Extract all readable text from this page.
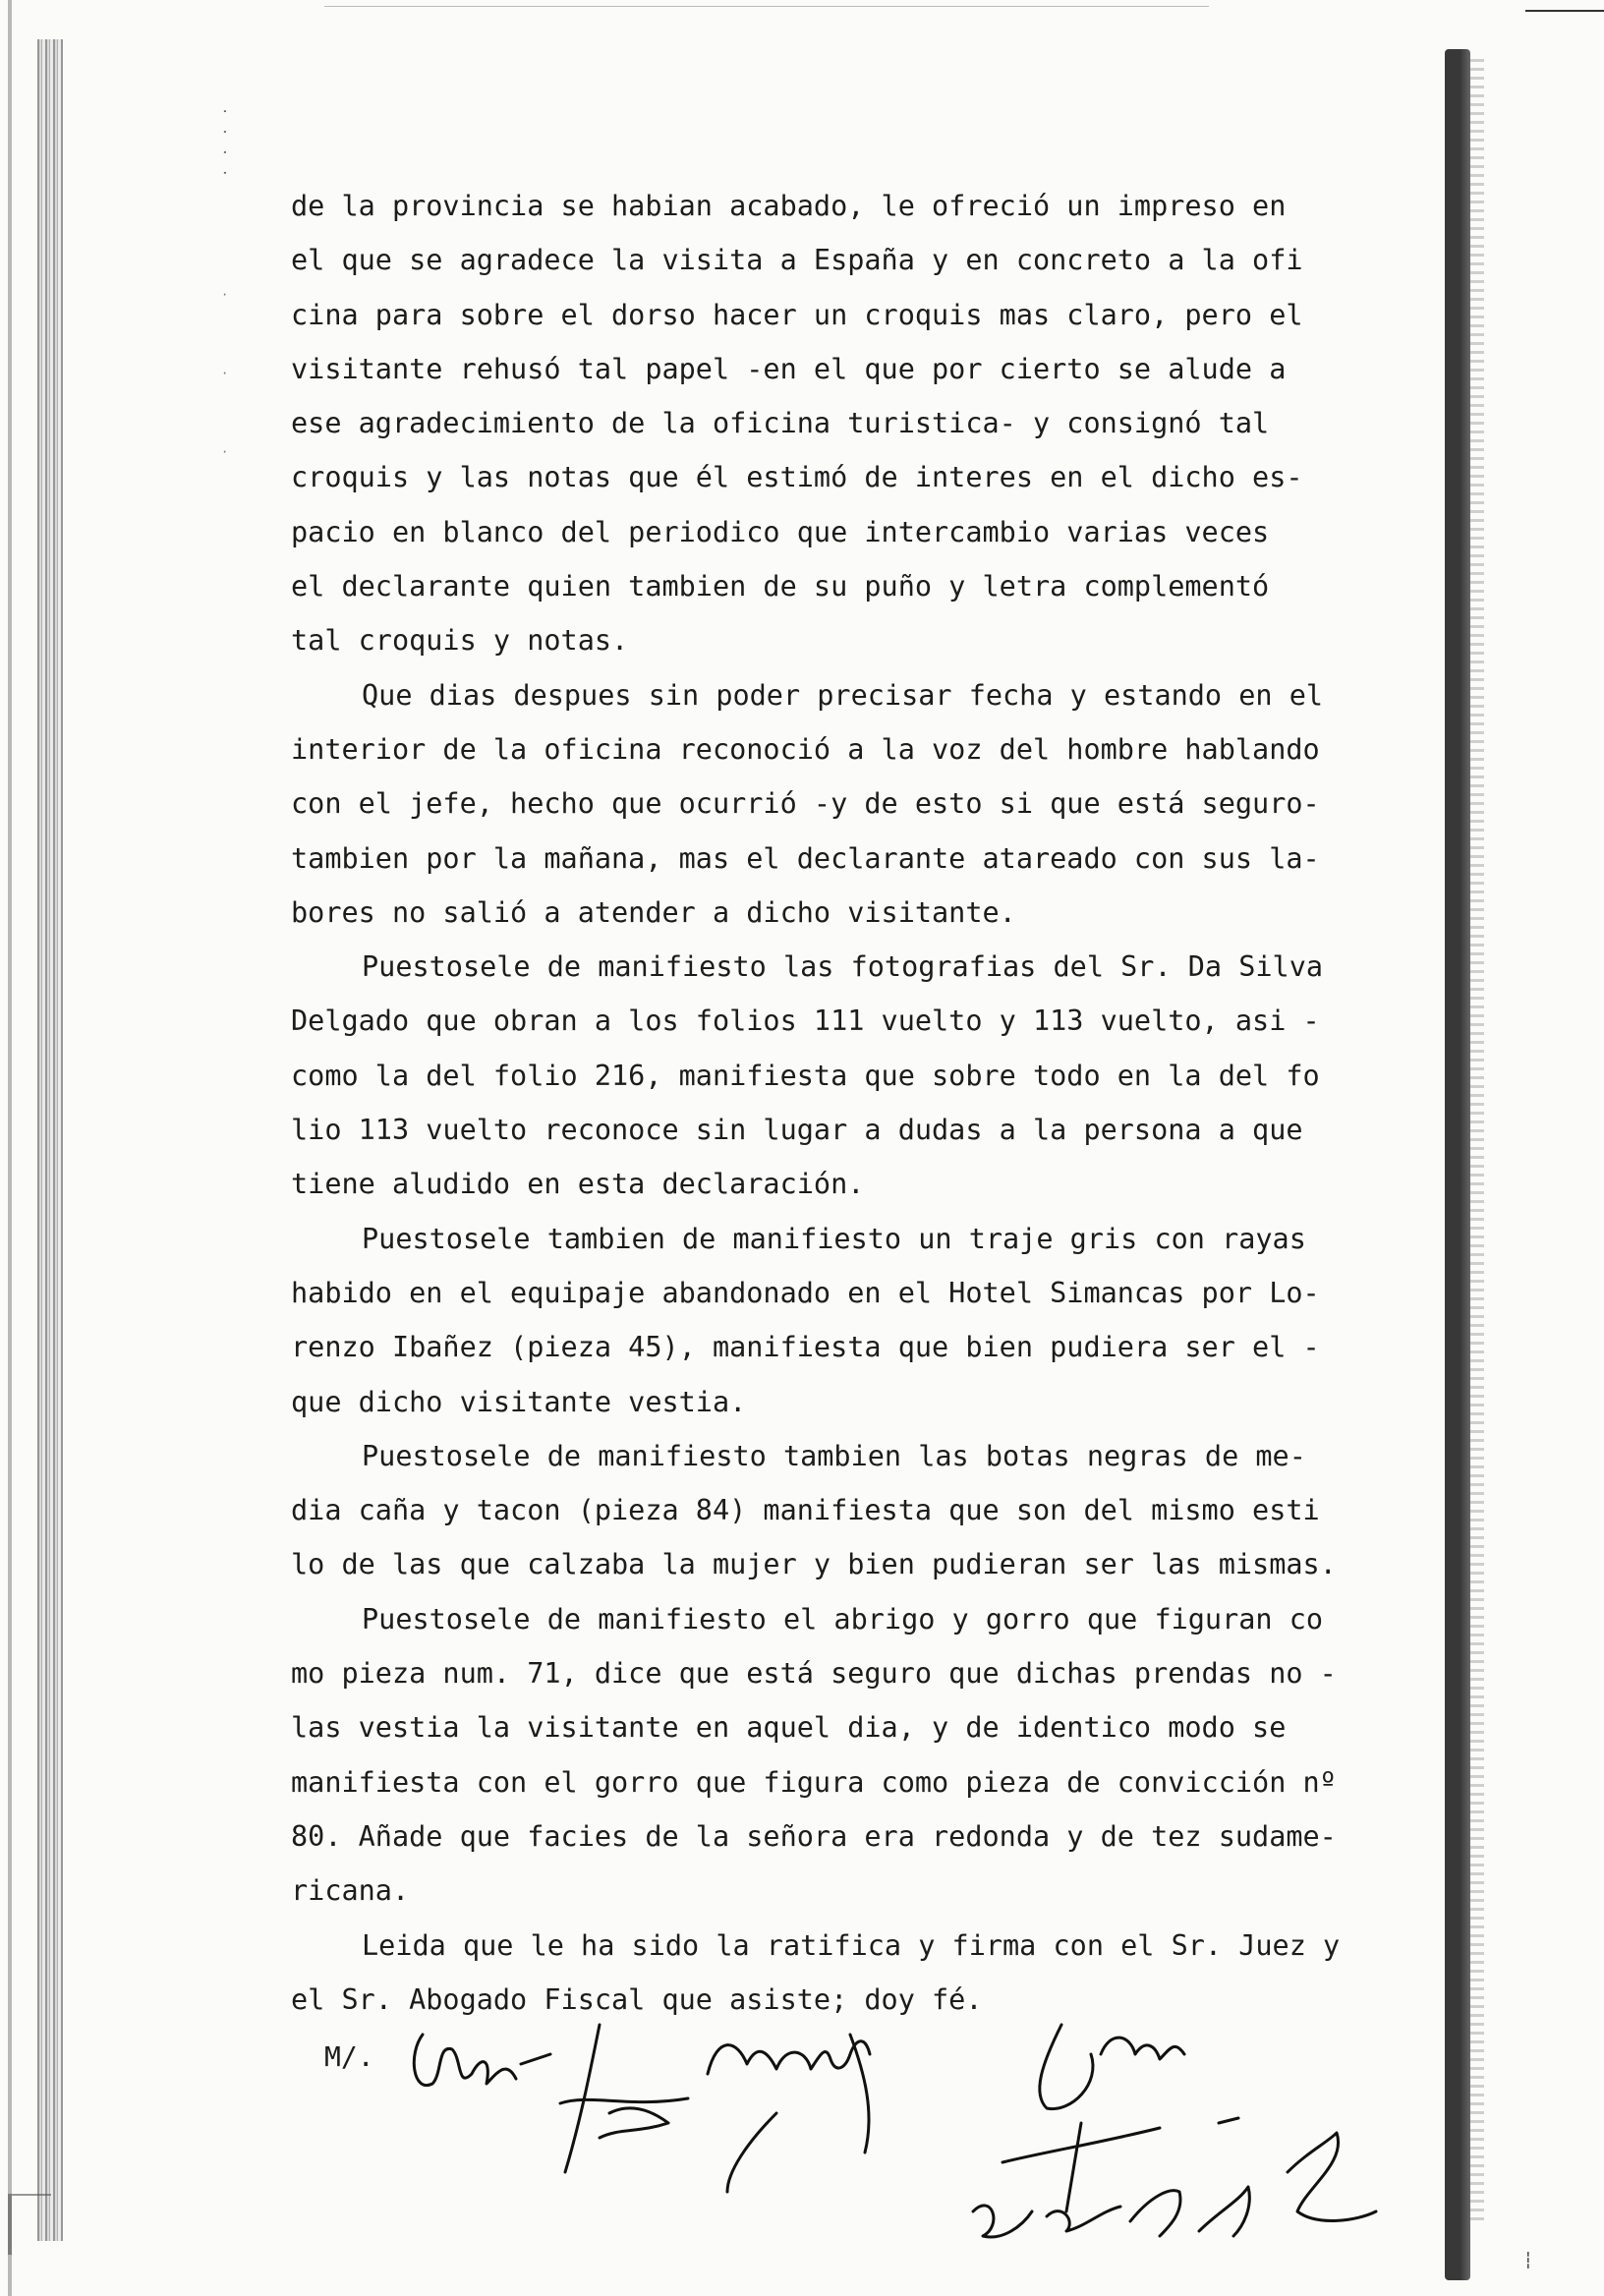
· · · ·
·
·
·

de la provincia se habian acabado, le ofreció un impreso en
el que se agradece la visita a España y en concreto a la ofi
cina para sobre el dorso hacer un croquis mas claro, pero el
visitante rehusó tal papel -en el que por cierto se alude a
ese agradecimiento de la oficina turistica- y consignó tal
croquis y las notas que él estimó de interes en el dicho es-
pacio en blanco del periodico que intercambio varias veces
el declarante quien tambien de su puño y letra complementó
tal croquis y notas.

Que dias despues sin poder precisar fecha y estando en el
interior de la oficina reconoció a la voz del hombre hablando
con el jefe, hecho que ocurrió -y de esto si que está seguro-
tambien por la mañana, mas el declarante atareado con sus la-
bores no salió a atender a dicho visitante.

Puestosele de manifiesto las fotografias del Sr. Da Silva
Delgado que obran a los folios 111 vuelto y 113 vuelto, asi -
como la del folio 216, manifiesta que sobre todo en la del fo
lio 113 vuelto reconoce sin lugar a dudas a la persona a que
tiene aludido en esta declaración.

Puestosele tambien de manifiesto un traje gris con rayas
habido en el equipaje abandonado en el Hotel Simancas por Lo-
renzo Ibañez (pieza 45), manifiesta que bien pudiera ser el -
que dicho visitante vestia.

Puestosele de manifiesto tambien las botas negras de me-
dia caña y tacon (pieza 84) manifiesta que son del mismo esti
lo de las que calzaba la mujer y bien pudieran ser las mismas.

Puestosele de manifiesto el abrigo y gorro que figuran co
mo pieza num. 71, dice que está seguro que dichas prendas no -
las vestia la visitante en aquel dia, y de identico modo se
manifiesta con el gorro que figura como pieza de convicción nº
80. Añade que facies de la señora era redonda y de tez sudame-
ricana.

Leida que le ha sido la ratifica y firma con el Sr. Juez y
el Sr. Abogado Fiscal que asiste; doy fé.

M/.
┆
